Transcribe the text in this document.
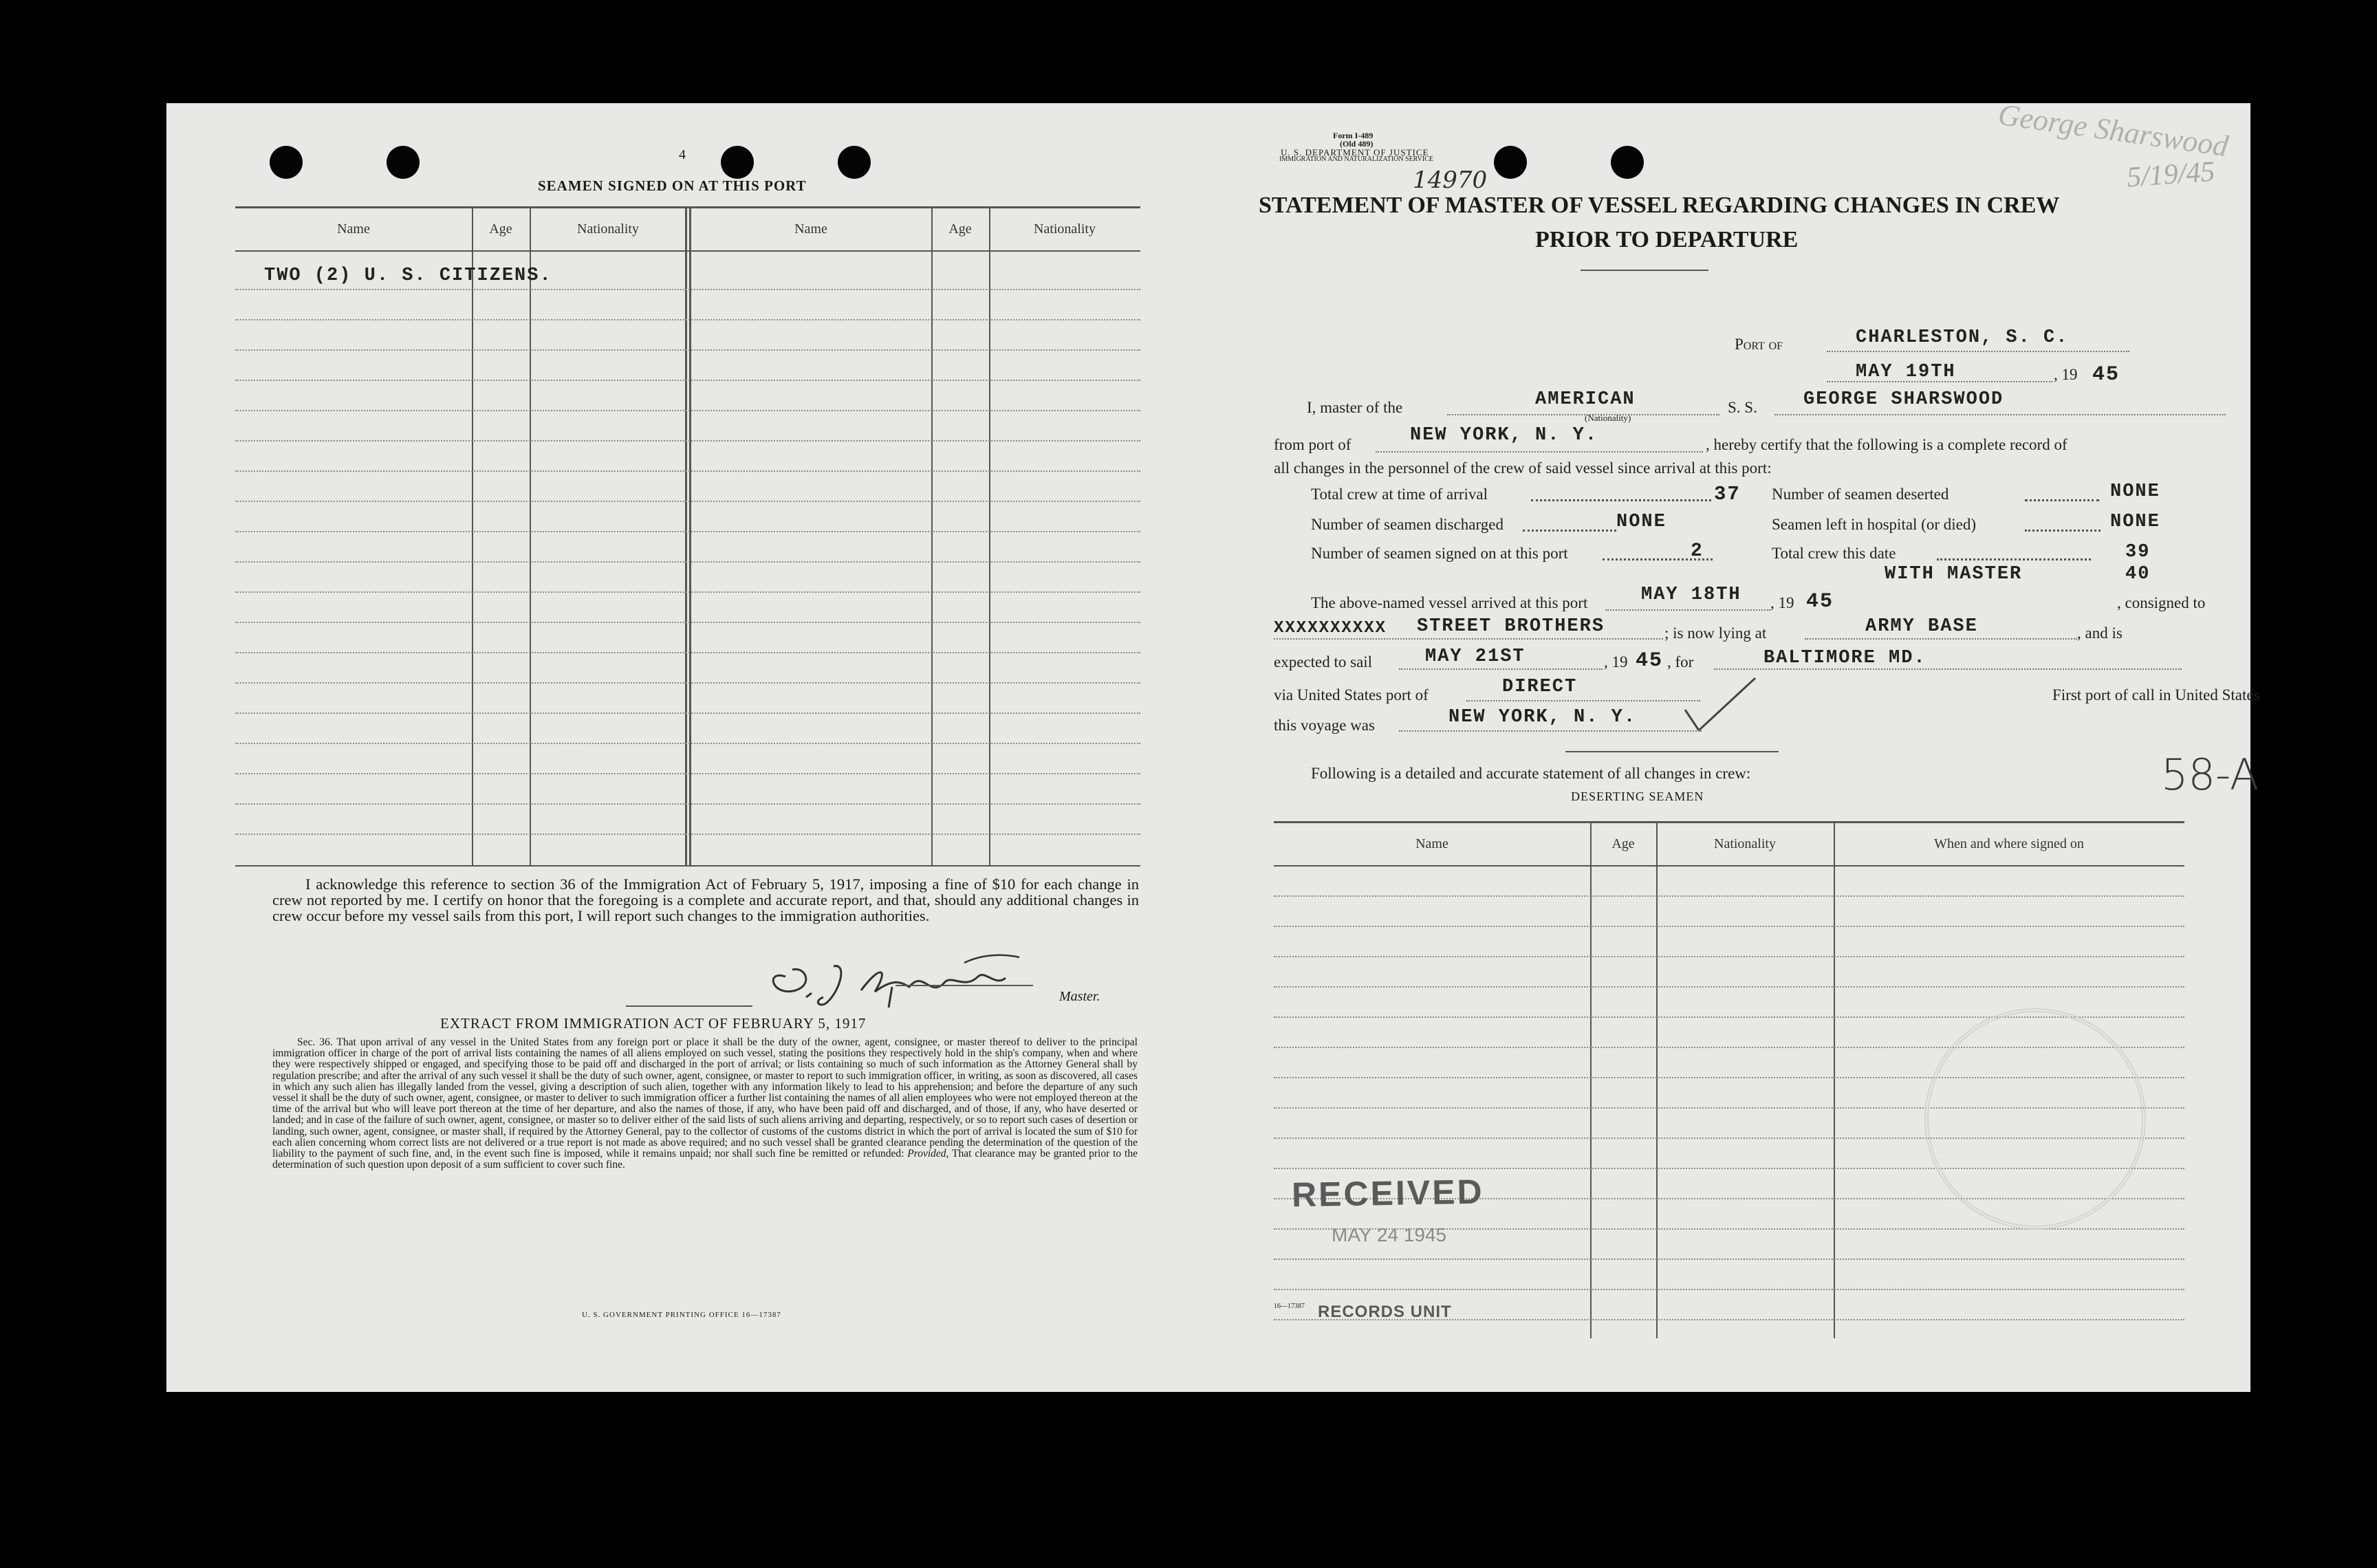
4
SEAMEN SIGNED ON AT THIS PORT
Name	Age	Nationality	Name	Age	Nationality
TWO (2) U. S. CITIZENS.
I acknowledge this reference to section 36 of the Immigration Act of February 5, 1917, imposing a fine of $10 for each change in crew not reported by me. I certify on honor that the foregoing is a complete and accurate report, and that, should any additional changes in crew occur before my vessel sails from this port, I will report such changes to the immigration authorities.
Master.
EXTRACT FROM IMMIGRATION ACT OF FEBRUARY 5, 1917
Sec. 36. That upon arrival of any vessel in the United States from any foreign port or place it shall be the duty of the owner, agent, consignee, or master thereof to deliver to the principal immigration officer in charge of the port of arrival lists containing the names of all aliens employed on such vessel, stating the positions they respectively hold in the ship's company, when and where they were respectively shipped or engaged, and specifying those to be paid off and discharged in the port of arrival; or lists containing so much of such information as the Attorney General shall by regulation prescribe; and after the arrival of any such vessel it shall be the duty of such owner, agent, consignee, or master to report to such immigration officer, in writing, as soon as discovered, all cases in which any such alien has illegally landed from the vessel, giving a description of such alien, together with any information likely to lead to his apprehension; and before the departure of any such vessel it shall be the duty of such owner, agent, consignee, or master to deliver to such immigration officer a further list containing the names of all alien employees who were not employed thereon at the time of the arrival but who will leave port thereon at the time of her departure, and also the names of those, if any, who have been paid off and discharged, and of those, if any, who have deserted or landed; and in case of the failure of such owner, agent, consignee, or master so to deliver either of the said lists of such aliens arriving and departing, respectively, or so to report such cases of desertion or landing, such owner, agent, consignee, or master shall, if required by the Attorney General, pay to the collector of customs of the customs district in which the port of arrival is located the sum of $10 for each alien concerning whom correct lists are not delivered or a true report is not made as above required; and no such vessel shall be granted clearance pending the determination of the question of the liability to the payment of such fine, and, in the event such fine is imposed, while it remains unpaid; nor shall such fine be remitted or refunded: Provided, That clearance may be granted prior to the determination of such question upon deposit of a sum sufficient to cover such fine.
U. S. GOVERNMENT PRINTING OFFICE 16—17387
Form I-489
(Old 489)
U. S. DEPARTMENT OF JUSTICE
IMMIGRATION AND NATURALIZATION SERVICE
14970
George Sharswood
5/19/45
STATEMENT OF MASTER OF VESSEL REGARDING CHANGES IN CREW
PRIOR TO DEPARTURE
Port of	CHARLESTON, S. C.
MAY 19TH	, 19 45
I, master of the	AMERICAN
(Nationality)
S. S. GEORGE SHARSWOOD
from port of	NEW YORK, N. Y.	, hereby certify that the following is a complete record of
all changes in the personnel of the crew of said vessel since arrival at this port:
Total crew at time of arrival	37 Number of seamen deserted	NONE
Number of seamen discharged	NONE	Seamen left in hospital (or died)	NONE
Number of seamen signed on at this port	2	Total crew this date	39
WITH MASTER	40
The above-named vessel arrived at this port	MAY 18TH , 19 45	, consigned to
XXXXXXXXXX STREET BROTHERS	; is now lying at	ARMY BASE	, and is
expected to sail	MAY 21ST	, 19 45 , for	BALTIMORE MD.
via United States port of	DIRECT	First port of call in United States
this voyage was	NEW YORK, N. Y.
Following is a detailed and accurate statement of all changes in crew:
DESERTING SEAMEN	58-A
Name	Age	Nationality	When and where signed on
RECEIVED
MAY 24 1945
16—17387 RECORDS UNIT
